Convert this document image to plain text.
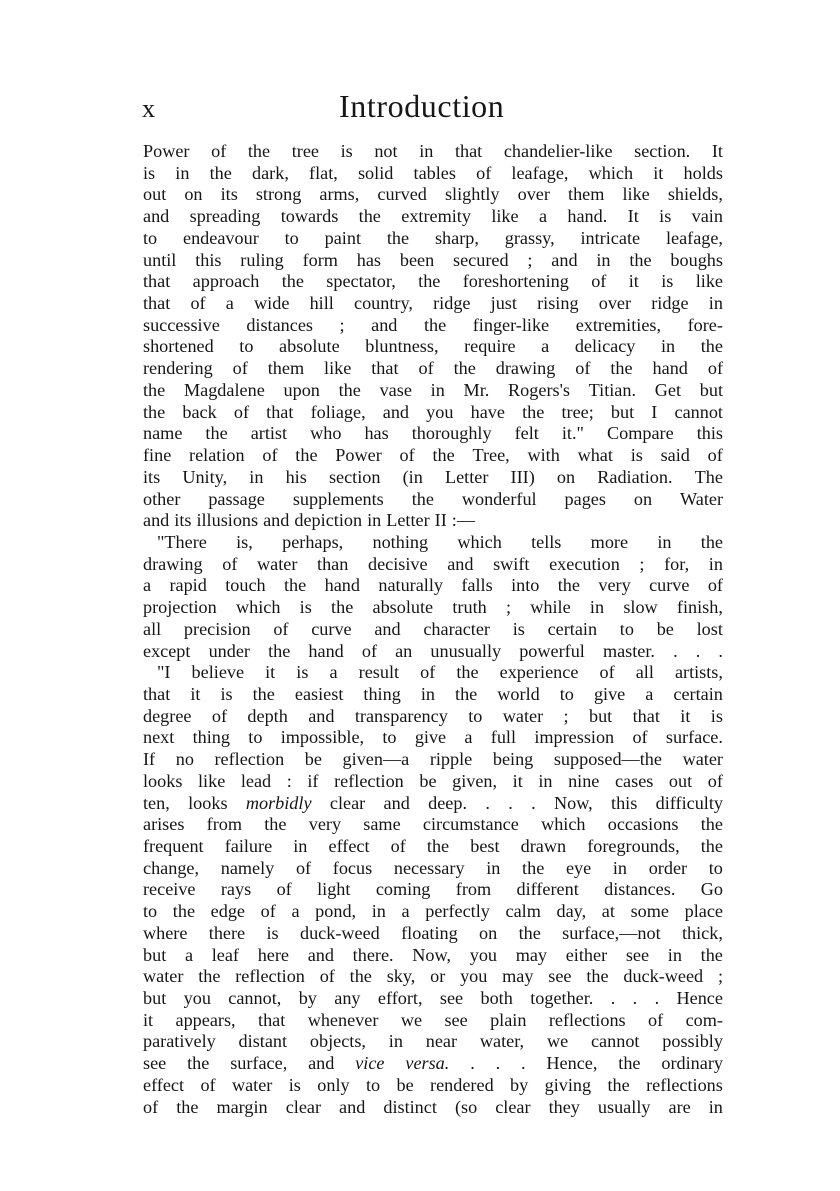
x	Introduction
Power of the tree is not in that chandelier-like section. It
is in the dark, flat, solid tables of leafage, which it holds
out on its strong arms, curved slightly over them like shields,
and spreading towards the extremity like a hand. It is vain
to endeavour to paint the sharp, grassy, intricate leafage,
until this ruling form has been secured ; and in the boughs
that approach the spectator, the foreshortening of it is like
that of a wide hill country, ridge just rising over ridge in
successive distances ; and the finger-like extremities, fore-
shortened to absolute bluntness, require a delicacy in the
rendering of them like that of the drawing of the hand of
the Magdalene upon the vase in Mr. Rogers's Titian. Get but
the back of that foliage, and you have the tree; but I cannot
name the artist who has thoroughly felt it." Compare this
fine relation of the Power of the Tree, with what is said of
its Unity, in his section (in Letter III) on Radiation. The
other passage supplements the wonderful pages on Water
and its illusions and depiction in Letter II :—
"There is, perhaps, nothing which tells more in the
drawing of water than decisive and swift execution ; for, in
a rapid touch the hand naturally falls into the very curve of
projection which is the absolute truth ; while in slow finish,
all precision of curve and character is certain to be lost
except under the hand of an unusually powerful master. . . .
"I believe it is a result of the experience of all artists,
that it is the easiest thing in the world to give a certain
degree of depth and transparency to water ; but that it is
next thing to impossible, to give a full impression of surface.
If no reflection be given—a ripple being supposed—the water
looks like lead : if reflection be given, it in nine cases out of
ten, looks morbidly clear and deep. . . . Now, this difficulty
arises from the very same circumstance which occasions the
frequent failure in effect of the best drawn foregrounds, the
change, namely of focus necessary in the eye in order to
receive rays of light coming from different distances. Go
to the edge of a pond, in a perfectly calm day, at some place
where there is duck-weed floating on the surface,—not thick,
but a leaf here and there. Now, you may either see in the
water the reflection of the sky, or you may see the duck-weed ;
but you cannot, by any effort, see both together. . . . Hence
it appears, that whenever we see plain reflections of com-
paratively distant objects, in near water, we cannot possibly
see the surface, and vice versa. . . . Hence, the ordinary
effect of water is only to be rendered by giving the reflections
of the margin clear and distinct (so clear they usually are in
